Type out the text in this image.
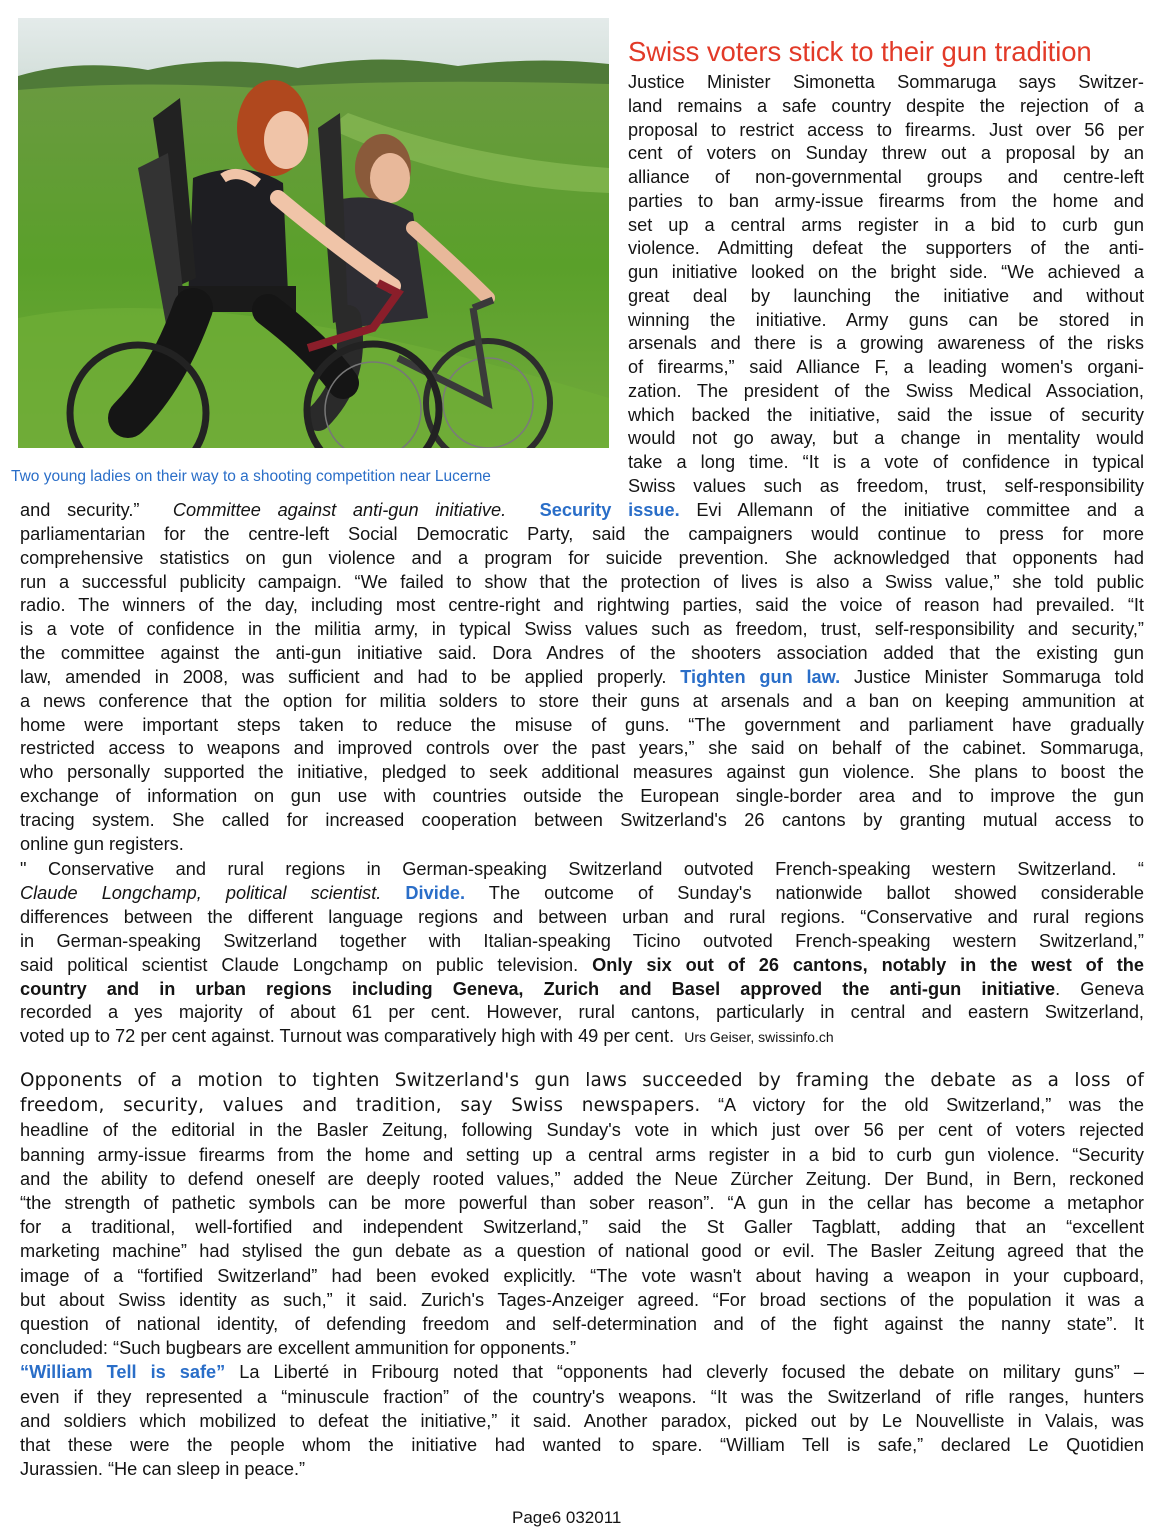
Two young ladies on their way to a shooting competition near Lucerne
Swiss voters stick to their gun tradition
Justice Minister Simonetta Sommaruga says Switzer-
land remains a safe country despite the rejection of a
proposal to restrict access to firearms. Just over 56 per
cent of voters on Sunday threw out a proposal by an
alliance of non-governmental groups and centre-left
parties to ban army-issue firearms from the home and
set up a central arms register in a bid to curb gun
violence. Admitting defeat the supporters of the anti-
gun initiative looked on the bright side. “We achieved a
great deal by launching the initiative and without
winning the initiative. Army guns can be stored in
arsenals and there is a growing awareness of the risks
of firearms,” said Alliance F, a leading women's organi-
zation. The president of the Swiss Medical Association,
which backed the initiative, said the issue of security
would not go away, but a change in mentality would
take a long time. “It is a vote of confidence in typical
Swiss values such as freedom, trust, self-responsibility
and security.” Committee against anti-gun initiative. Security issue. Evi Allemann of the initiative committee and a
parliamentarian for the centre-left Social Democratic Party, said the campaigners would continue to press for more
comprehensive statistics on gun violence and a program for suicide prevention. She acknowledged that opponents had
run a successful publicity campaign. “We failed to show that the protection of lives is also a Swiss value,” she told public
radio. The winners of the day, including most centre-right and rightwing parties, said the voice of reason had prevailed. “It
is a vote of confidence in the militia army, in typical Swiss values such as freedom, trust, self-responsibility and security,”
the committee against the anti-gun initiative said. Dora Andres of the shooters association added that the existing gun
law, amended in 2008, was sufficient and had to be applied properly. Tighten gun law. Justice Minister Sommaruga told
a news conference that the option for militia solders to store their guns at arsenals and a ban on keeping ammunition at
home were important steps taken to reduce the misuse of guns. “The government and parliament have gradually
restricted access to weapons and improved controls over the past years,” she said on behalf of the cabinet. Sommaruga,
who personally supported the initiative, pledged to seek additional measures against gun violence. She plans to boost the
exchange of information on gun use with countries outside the European single-border area and to improve the gun
tracing system. She called for increased cooperation between Switzerland's 26 cantons by granting mutual access to
online gun registers.
" Conservative and rural regions in German-speaking Switzerland outvoted French-speaking western Switzerland. “
Claude Longchamp, political scientist. Divide. The outcome of Sunday's nationwide ballot showed considerable
differences between the different language regions and between urban and rural regions. “Conservative and rural regions
in German-speaking Switzerland together with Italian-speaking Ticino outvoted French-speaking western Switzerland,”
said political scientist Claude Longchamp on public television. Only six out of 26 cantons, notably in the west of the
country and in urban regions including Geneva, Zurich and Basel approved the anti-gun initiative. Geneva
recorded a yes majority of about 61 per cent. However, rural cantons, particularly in central and eastern Switzerland,
voted up to 72 per cent against. Turnout was comparatively high with 49 per cent. Urs Geiser, swissinfo.ch
Opponents of a motion to tighten Switzerland's gun laws succeeded by framing the debate as a loss of
freedom, security, values and tradition, say Swiss newspapers. “A victory for the old Switzerland,” was the
headline of the editorial in the Basler Zeitung, following Sunday's vote in which just over 56 per cent of voters rejected
banning army-issue firearms from the home and setting up a central arms register in a bid to curb gun violence. “Security
and the ability to defend oneself are deeply rooted values,” added the Neue Zürcher Zeitung. Der Bund, in Bern, reckoned
“the strength of pathetic symbols can be more powerful than sober reason”. “A gun in the cellar has become a metaphor
for a traditional, well-fortified and independent Switzerland,” said the St Galler Tagblatt, adding that an “excellent
marketing machine” had stylised the gun debate as a question of national good or evil. The Basler Zeitung agreed that the
image of a “fortified Switzerland” had been evoked explicitly. “The vote wasn't about having a weapon in your cupboard,
but about Swiss identity as such,” it said. Zurich's Tages-Anzeiger agreed. “For broad sections of the population it was a
question of national identity, of defending freedom and self-determination and of the fight against the nanny state”. It
concluded: “Such bugbears are excellent ammunition for opponents.”
“William Tell is safe” La Liberté in Fribourg noted that “opponents had cleverly focused the debate on military guns” –
even if they represented a “minuscule fraction” of the country's weapons. “It was the Switzerland of rifle ranges, hunters
and soldiers which mobilized to defeat the initiative,” it said. Another paradox, picked out by Le Nouvelliste in Valais, was
that these were the people whom the initiative had wanted to spare. “William Tell is safe,” declared Le Quotidien
Jurassien. “He can sleep in peace.”
Page6 032011
